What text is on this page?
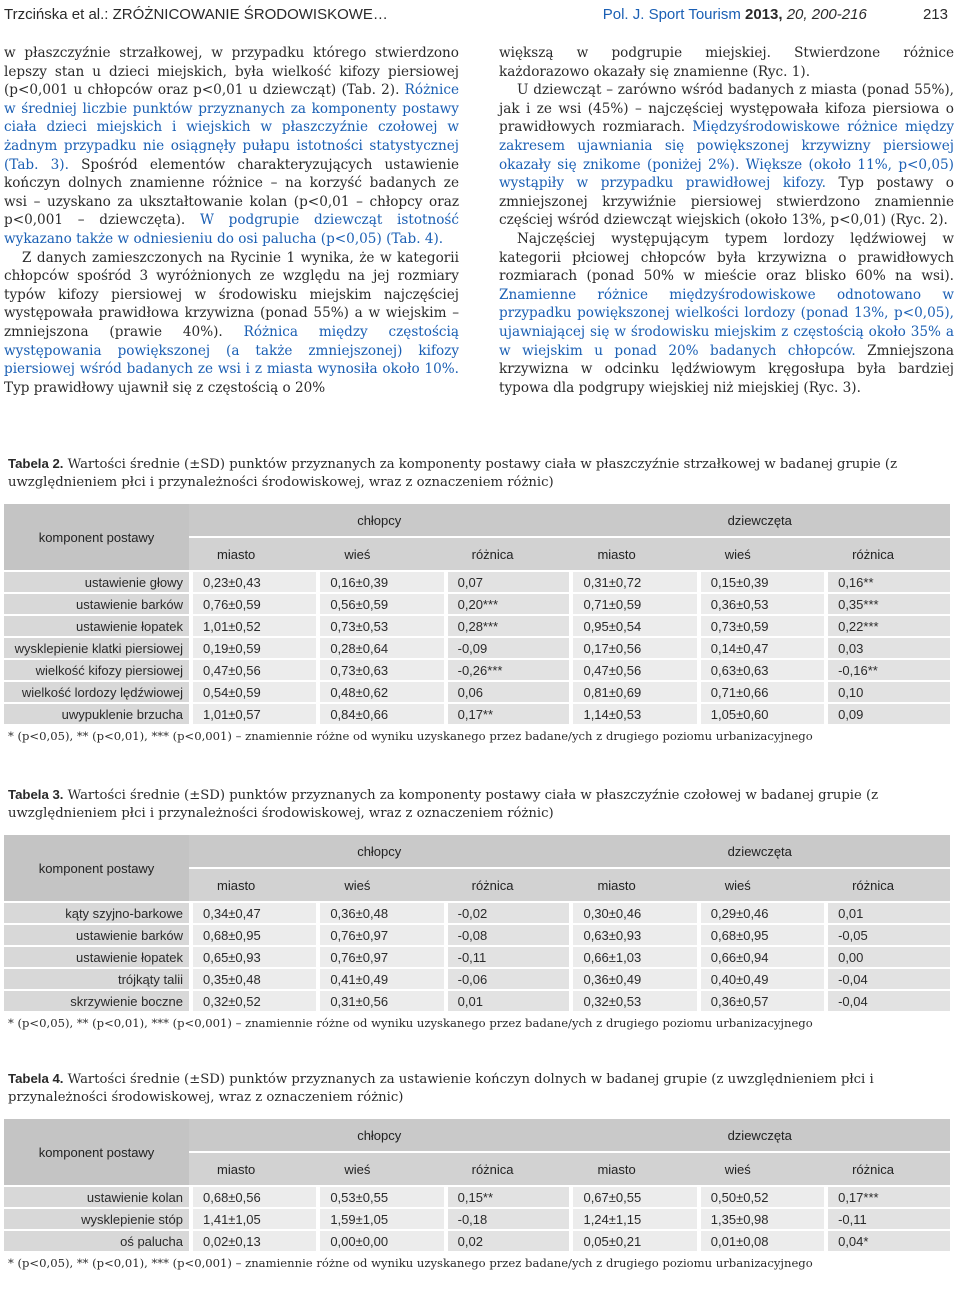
Trzcińska et al.: ZRÓŻNICOWANIE ŚRODOWISKOWE…	Pol. J. Sport Tourism 2013, 20, 200-216	213

w płaszczyźnie strzałkowej, w przypadku którego stwierdzono lepszy stan u dzieci miejskich, była wielkość kifozy piersiowej (p<0,001 u chłopców oraz p<0,01 u dziewcząt) (Tab. 2). Różnice w średniej liczbie punktów przyznanych za komponenty postawy ciała dzieci miejskich i wiejskich w płaszczyźnie czołowej w żadnym przypadku nie osiągnęły pułapu istotności statystycznej (Tab. 3). Spośród elementów charakteryzujących ustawienie kończyn dolnych znamienne różnice – na korzyść badanych ze wsi – uzyskano za ukształtowanie kolan (p<0,01 – chłopcy oraz p<0,001 – dziewczęta). W podgrupie dziewcząt istotność wykazano także w odniesieniu do osi palucha (p<0,05) (Tab. 4).

Z danych zamieszczonych na Rycinie 1 wynika, że w kategorii chłopców spośród 3 wyróżnionych ze względu na jej rozmiary typów kifozy piersiowej w środowisku miejskim najczęściej występowała prawidłowa krzywizna (ponad 55%) a w wiejskim – zmniejszona (prawie 40%). Różnica między częstością występowania powiększonej (a także zmniejszonej) kifozy piersiowej wśród badanych ze wsi i z miasta wynosiła około 10%. Typ prawidłowy ujawnił się z częstością o 20%

większą w podgrupie miejskiej. Stwierdzone różnice każdorazowo okazały się znamienne (Ryc. 1).

U dziewcząt – zarówno wśród badanych z miasta (ponad 55%), jak i ze wsi (45%) – najczęściej występowała kifoza piersiowa o prawidłowych rozmiarach. Międzyśrodowiskowe różnice między zakresem ujawniania się powiększonej krzywizny piersiowej okazały się znikome (poniżej 2%). Większe (około 11%, p<0,05) wystąpiły w przypadku prawidłowej kifozy. Typ postawy o zmniejszonej krzywiźnie piersiowej stwierdzono znamiennie częściej wśród dziewcząt wiejskich (około 13%, p<0,01) (Ryc. 2).

Najczęściej występującym typem lordozy lędźwiowej w kategorii płciowej chłopców była krzywizna o prawidłowych rozmiarach (ponad 50% w mieście oraz blisko 60% na wsi). Znamienne różnice międzyśrodowiskowe odnotowano w przypadku powiększonej wielkości lordozy (ponad 13%, p<0,05), ujawniającej się w środowisku miejskim z częstością około 35% a w wiejskim u ponad 20% badanych chłopców. Zmniejszona krzywizna w odcinku lędźwiowym kręgosłupa była bardziej typowa dla podgrupy wiejskiej niż miejskiej (Ryc. 3).

Tabela 2. Wartości średnie (±SD) punktów przyznanych za komponenty postawy ciała w płaszczyźnie strzałkowej w badanej grupie (z uwzględnieniem płci i przynależności środowiskowej, wraz z oznaczeniem różnic)

komponent postawy	chłopcy			dziewczęta		
	miasto	wieś	różnica	miasto	wieś	różnica
ustawienie głowy	0,23±0,43	0,16±0,39	0,07	0,31±0,72	0,15±0,39	0,16**
ustawienie barków	0,76±0,59	0,56±0,59	0,20***	0,71±0,59	0,36±0,53	0,35***
ustawienie łopatek	1,01±0,52	0,73±0,53	0,28***	0,95±0,54	0,73±0,59	0,22***
wysklepienie klatki piersiowej	0,19±0,59	0,28±0,64	-0,09	0,17±0,56	0,14±0,47	0,03
wielkość kifozy piersiowej	0,47±0,56	0,73±0,63	-0,26***	0,47±0,56	0,63±0,63	-0,16**
wielkość lordozy lędźwiowej	0,54±0,59	0,48±0,62	0,06	0,81±0,69	0,71±0,66	0,10
uwypuklenie brzucha	1,01±0,57	0,84±0,66	0,17**	1,14±0,53	1,05±0,60	0,09
* (p<0,05), ** (p<0,01), *** (p<0,001) – znamiennie różne od wyniku uzyskanego przez badane/ych z drugiego poziomu urbanizacyjnego

Tabela 3. Wartości średnie (±SD) punktów przyznanych za komponenty postawy ciała w płaszczyźnie czołowej w badanej grupie (z uwzględnieniem płci i przynależności środowiskowej, wraz z oznaczeniem różnic)

komponent postawy	chłopcy			dziewczęta		
	miasto	wieś	różnica	miasto	wieś	różnica
kąty szyjno-barkowe	0,34±0,47	0,36±0,48	-0,02	0,30±0,46	0,29±0,46	0,01
ustawienie barków	0,68±0,95	0,76±0,97	-0,08	0,63±0,93	0,68±0,95	-0,05
ustawienie łopatek	0,65±0,93	0,76±0,97	-0,11	0,66±1,03	0,66±0,94	0,00
trójkąty talii	0,35±0,48	0,41±0,49	-0,06	0,36±0,49	0,40±0,49	-0,04
skrzywienie boczne	0,32±0,52	0,31±0,56	0,01	0,32±0,53	0,36±0,57	-0,04
* (p<0,05), ** (p<0,01), *** (p<0,001) – znamiennie różne od wyniku uzyskanego przez badane/ych z drugiego poziomu urbanizacyjnego

Tabela 4. Wartości średnie (±SD) punktów przyznanych za ustawienie kończyn dolnych w badanej grupie (z uwzględnieniem płci i przynależności środowiskowej, wraz z oznaczeniem różnic)

komponent postawy	chłopcy			dziewczęta		
	miasto	wieś	różnica	miasto	wieś	różnica
ustawienie kolan	0,68±0,56	0,53±0,55	0,15**	0,67±0,55	0,50±0,52	0,17***
wysklepienie stóp	1,41±1,05	1,59±1,05	-0,18	1,24±1,15	1,35±0,98	-0,11
oś palucha	0,02±0,13	0,00±0,00	0,02	0,05±0,21	0,01±0,08	0,04*
* (p<0,05), ** (p<0,01), *** (p<0,001) – znamiennie różne od wyniku uzyskanego przez badane/ych z drugiego poziomu urbanizacyjnego
